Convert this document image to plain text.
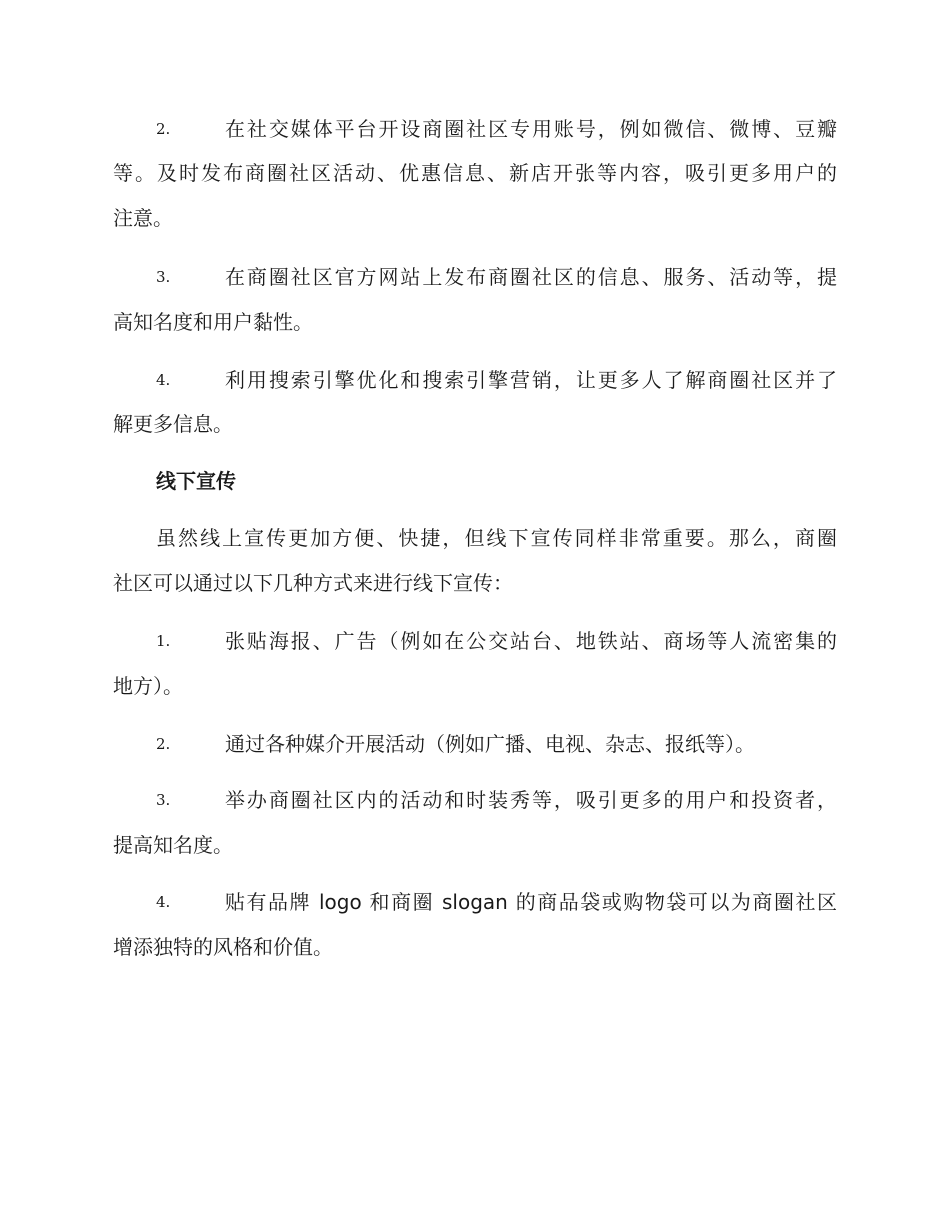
2.	在社交媒体平台开设商圈社区专用账号，例如微信、微博、豆瓣
等。及时发布商圈社区活动、优惠信息、新店开张等内容，吸引更多用户的
注意。
3.	在商圈社区官方网站上发布商圈社区的信息、服务、活动等，提
高知名度和用户黏性。
4.	利用搜索引擎优化和搜索引擎营销，让更多人了解商圈社区并了
解更多信息。
线下宣传
虽然线上宣传更加方便、快捷，但线下宣传同样非常重要。那么，商圈
社区可以通过以下几种方式来进行线下宣传：
1.	张贴海报、广告（例如在公交站台、地铁站、商场等人流密集的
地方）。
2.	通过各种媒介开展活动（例如广播、电视、杂志、报纸等）。
3.	举办商圈社区内的活动和时装秀等，吸引更多的用户和投资者，
提高知名度。
4.	贴有品牌 logo 和商圈 slogan 的商品袋或购物袋可以为商圈社区
增添独特的风格和价值。
